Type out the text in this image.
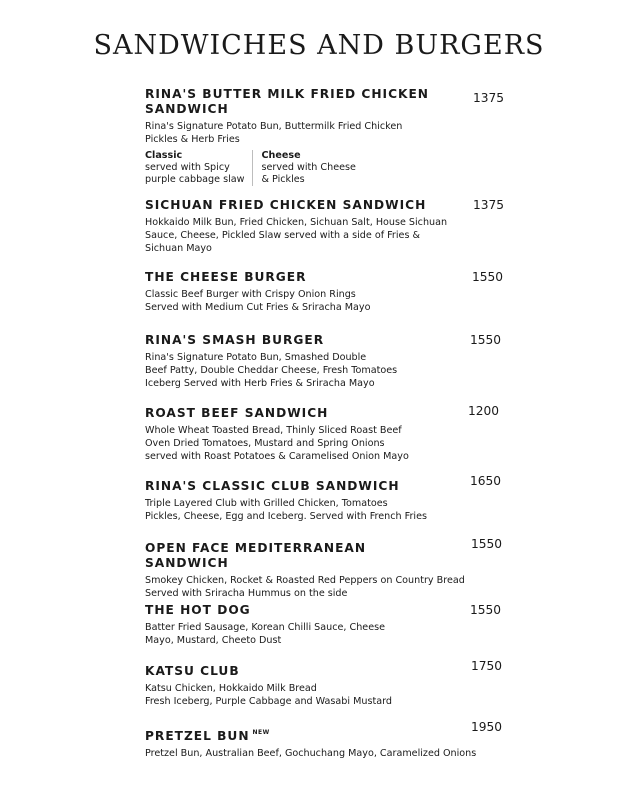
SANDWICHES AND BURGERS
RINA'S BUTTER MILK FRIED CHICKEN
SANDWICH
1375
Rina's Signature Potato Bun, Buttermilk Fried Chicken
Pickles & Herb Fries
Classic
served with Spicy
purple cabbage slaw
Cheese
served with Cheese
& Pickles
SICHUAN FRIED CHICKEN SANDWICH	1375
Hokkaido Milk Bun, Fried Chicken, Sichuan Salt, House Sichuan
Sauce, Cheese, Pickled Slaw served with a side of Fries &
Sichuan Mayo
THE CHEESE BURGER	1550
Classic Beef Burger with Crispy Onion Rings
Served with Medium Cut Fries & Sriracha Mayo
RINA'S SMASH BURGER	1550
Rina's Signature Potato Bun, Smashed Double
Beef Patty, Double Cheddar Cheese, Fresh Tomatoes
Iceberg Served with Herb Fries & Sriracha Mayo
ROAST BEEF SANDWICH	1200
Whole Wheat Toasted Bread, Thinly Sliced Roast Beef
Oven Dried Tomatoes, Mustard and Spring Onions
served with Roast Potatoes & Caramelised Onion Mayo
RINA'S CLASSIC CLUB SANDWICH	1650
Triple Layered Club with Grilled Chicken, Tomatoes
Pickles, Cheese, Egg and Iceberg. Served with French Fries
OPEN FACE MEDITERRANEAN SANDWICH
1550
Smokey Chicken, Rocket & Roasted Red Peppers on Country Bread
Served with Sriracha Hummus on the side
THE HOT DOG	1550
Batter Fried Sausage, Korean Chilli Sauce, Cheese
Mayo, Mustard, Cheeto Dust
KATSU CLUB	1750
Katsu Chicken, Hokkaido Milk Bread
Fresh Iceberg, Purple Cabbage and Wasabi Mustard
PRETZEL BUN $^{NEW}$	1950
Pretzel Bun, Australian Beef, Gochuchang Mayo, Caramelized Onions
